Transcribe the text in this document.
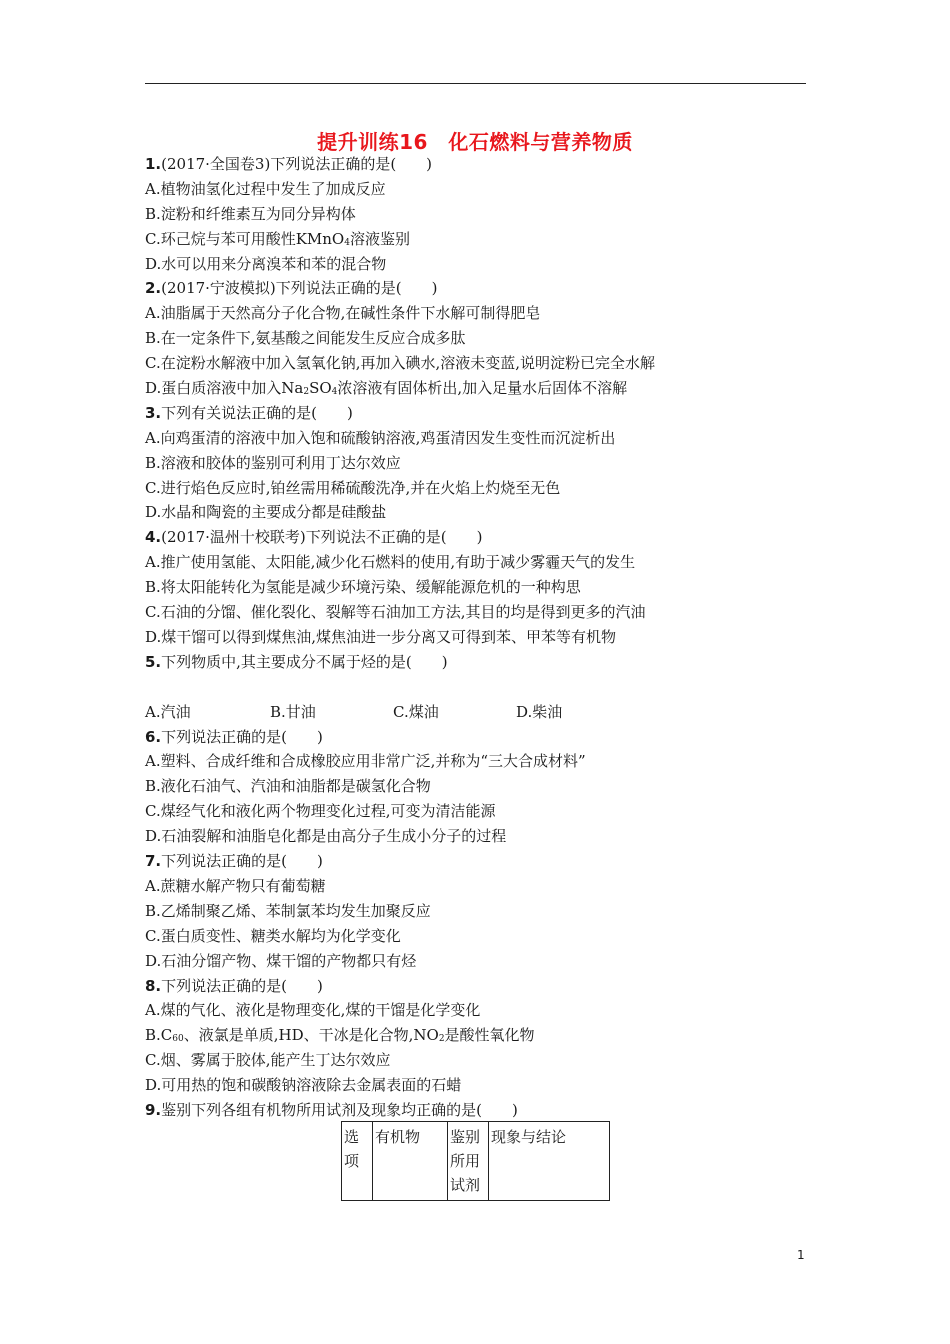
提升训练16　化石燃料与营养物质
1.(2017·全国卷3)下列说法正确的是(　　)
A.植物油氢化过程中发生了加成反应
B.淀粉和纤维素互为同分异构体
C.环己烷与苯可用酸性KMnO$_4$溶液鉴别
D.水可以用来分离溴苯和苯的混合物
2.(2017·宁波模拟)下列说法正确的是(　　)
A.油脂属于天然高分子化合物,在碱性条件下水解可制得肥皂
B.在一定条件下,氨基酸之间能发生反应合成多肽
C.在淀粉水解液中加入氢氧化钠,再加入碘水,溶液未变蓝,说明淀粉已完全水解
D.蛋白质溶液中加入$Na_2SO_4$浓溶液有固体析出,加入足量水后固体不溶解
3.下列有关说法正确的是(　　)
A.向鸡蛋清的溶液中加入饱和硫酸钠溶液,鸡蛋清因发生变性而沉淀析出
B.溶液和胶体的鉴别可利用丁达尔效应
C.进行焰色反应时,铂丝需用稀硫酸洗净,并在火焰上灼烧至无色
D.水晶和陶瓷的主要成分都是硅酸盐
4.(2017·温州十校联考)下列说法不正确的是(　　)
A.推广使用氢能、太阳能,减少化石燃料的使用,有助于减少雾霾天气的发生
B.将太阳能转化为氢能是减少环境污染、缓解能源危机的一种构思
C.石油的分馏、催化裂化、裂解等石油加工方法,其目的均是得到更多的汽油
D.煤干馏可以得到煤焦油,煤焦油进一步分离又可得到苯、甲苯等有机物
5.下列物质中,其主要成分不属于烃的是(　　)
A.汽油	B.甘油	C.煤油	D.柴油
6.下列说法正确的是(　　)
A.塑料、合成纤维和合成橡胶应用非常广泛,并称为“三大合成材料”
B.液化石油气、汽油和油脂都是碳氢化合物
C.煤经气化和液化两个物理变化过程,可变为清洁能源
D.石油裂解和油脂皂化都是由高分子生成小分子的过程
7.下列说法正确的是(　　)
A.蔗糖水解产物只有葡萄糖
B.乙烯制聚乙烯、苯制氯苯均发生加聚反应
C.蛋白质变性、糖类水解均为化学变化
D.石油分馏产物、煤干馏的产物都只有烃
8.下列说法正确的是(　　)
A.煤的气化、液化是物理变化,煤的干馏是化学变化
$B.C_{60}$、液氯是单质,HD、干冰是化合物$,NO_2$是酸性氧化物
C.烟、雾属于胶体,能产生丁达尔效应
D.可用热的饱和碳酸钠溶液除去金属表面的石蜡
9.鉴别下列各组有机物所用试剂及现象均正确的是(　　)
选项	有机物	鉴别所用试剂	现象与结论
1
